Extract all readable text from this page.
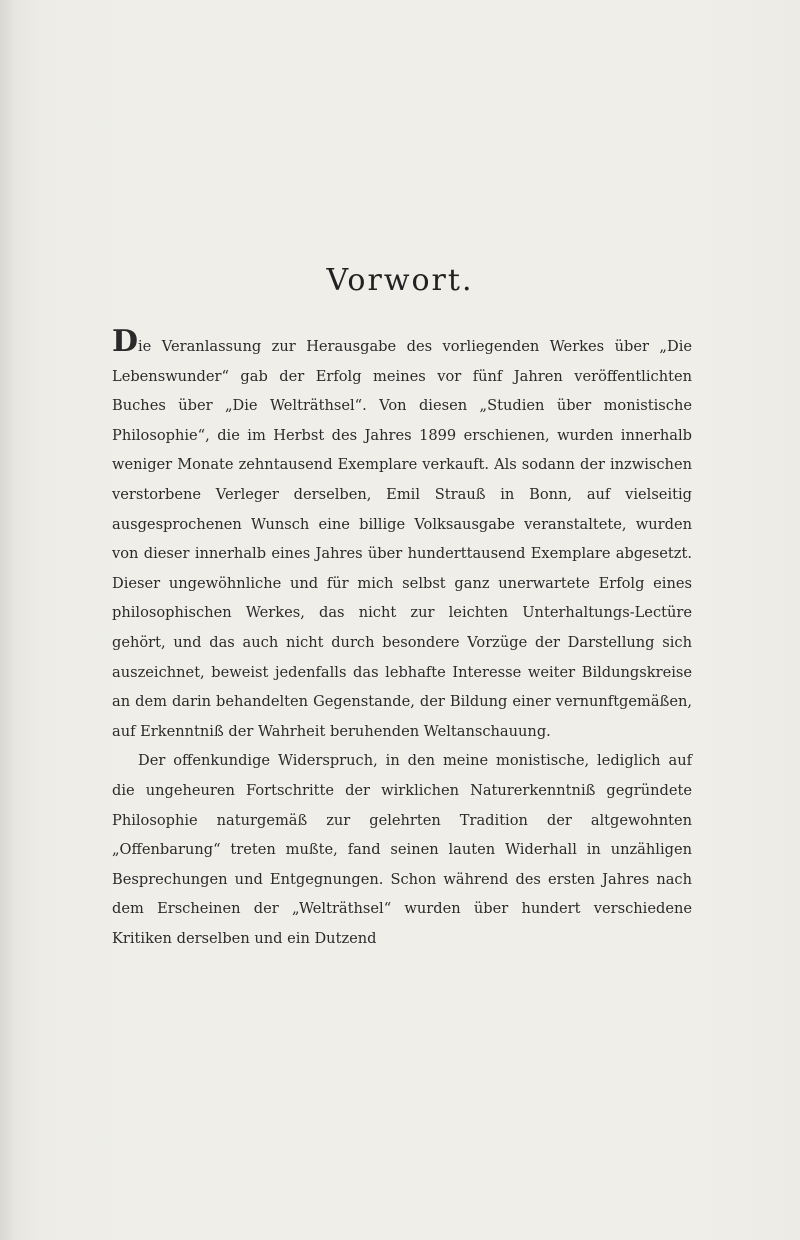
Vorwort.

Die Veranlassung zur Herausgabe des vorliegenden Werkes über „Die Lebenswunder“ gab der Erfolg meines vor fünf Jahren veröffentlichten Buches über „Die Welträthsel“. Von diesen „Studien über monistische Philosophie“, die im Herbst des Jahres 1899 erschienen, wurden innerhalb weniger Monate zehntausend Exemplare verkauft. Als sodann der inzwischen verstorbene Verleger derselben, Emil Strauß in Bonn, auf vielseitig ausgesprochenen Wunsch eine billige Volksausgabe veranstaltete, wurden von dieser innerhalb eines Jahres über hunderttausend Exemplare abgesetzt. Dieser ungewöhnliche und für mich selbst ganz unerwartete Erfolg eines philosophischen Werkes, das nicht zur leichten Unterhaltungs-Lectüre gehört, und das auch nicht durch besondere Vorzüge der Darstellung sich auszeichnet, beweist jedenfalls das lebhafte Interesse weiter Bildungskreise an dem darin behandelten Gegenstande, der Bildung einer vernunftgemäßen, auf Erkenntniß der Wahrheit beruhenden Weltanschauung.

Der offenkundige Widerspruch, in den meine monistische, lediglich auf die ungeheuren Fortschritte der wirklichen Naturerkenntniß gegründete Philosophie naturgemäß zur gelehrten Tradition der altgewohnten „Offenbarung“ treten mußte, fand seinen lauten Widerhall in unzähligen Besprechungen und Entgegnungen. Schon während des ersten Jahres nach dem Erscheinen der „Welträthsel“ wurden über hundert verschiedene Kritiken derselben und ein Dutzend
